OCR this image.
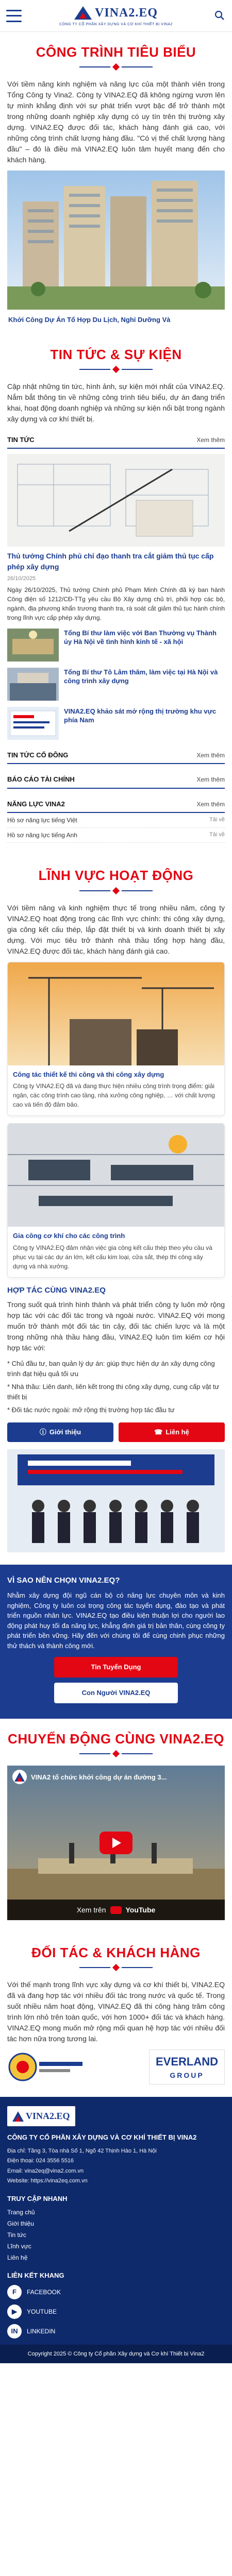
VINA2.EQ
CÔNG TY CỔ PHẦN XÂY DỰNG VÀ CƠ KHÍ THIẾT BỊ VINA2
CÔNG TRÌNH TIÊU BIỂU

Với tiềm năng kinh nghiệm và năng lực của một thành viên trong Tổng Công ty Vina2. Công ty VINA2.EQ đã không ngừng vươn lên tự mình khẳng định với sự phát triển vượt bậc để trở thành một trong những doanh nghiệp xây dựng có uy tín trên thị trường xây dựng. VINA2.EQ được đối tác, khách hàng đánh giá cao, với những công trình chất lượng hàng đầu. "Có vị thế chất lượng hàng đầu" – đó là điều mà VINA2.EQ luôn tâm huyết mang đến cho khách hàng.

Khởi Công Dự Án Tổ Hợp Du Lịch, Nghỉ Dưỡng Và
TIN TỨC & SỰ KIỆN

Cập nhật những tin tức, hình ảnh, sự kiện mới nhất của VINA2.EQ. Nắm bắt thông tin về những công trình tiêu biểu, dự án đang triển khai, hoạt động doanh nghiệp và những sự kiện nổi bật trong ngành xây dựng và cơ khí thiết bị.

TIN TỨC	Xem thêm
Thủ tướng Chính phủ chỉ đạo thanh tra cắt giảm thủ tục cấp phép xây dựng
26/10/2025

Ngày 26/10/2025, Thủ tướng Chính phủ Phạm Minh Chính đã ký ban hành Công điện số 1212/CĐ-TTg yêu cầu Bộ Xây dựng chủ trì, phối hợp các bộ, ngành, địa phương khẩn trương thanh tra, rà soát cắt giảm thủ tục hành chính trong lĩnh vực cấp phép xây dựng.

Tổng Bí thư làm việc với Ban Thường vụ Thành ủy Hà Nội về tình hình kinh tế - xã hội
Tổng Bí thư Tô Lâm thăm, làm việc tại Hà Nội và công trình xây dựng
VINA2.EQ khảo sát mở rộng thị trường khu vực phía Nam
TIN TỨC CỔ ĐÔNG	Xem thêm
BÁO CÁO TÀI CHÍNH	Xem thêm
NĂNG LỰC VINA2	Xem thêm
Hồ sơ năng lực tiếng Việt	Tải về
Hồ sơ năng lực tiếng Anh	Tải về
LĨNH VỰC HOẠT ĐỘNG

Với tiềm năng và kinh nghiệm thực tế trong nhiều năm, công ty VINA2.EQ hoạt động trong các lĩnh vực chính: thi công xây dựng, gia công kết cấu thép, lắp đặt thiết bị và kinh doanh thiết bị xây dựng. Với mục tiêu trở thành nhà thầu tổng hợp hàng đầu, VINA2.EQ được đối tác, khách hàng đánh giá cao.

Công tác thiết kế thi công và thi công xây dựng

Công ty VINA2.EQ đã và đang thực hiện nhiều công trình trọng điểm: giải ngân, các công trình cao tầng, nhà xưởng công nghiệp, … với chất lượng cao và tiến độ đảm bảo.

Gia công cơ khí cho các công trình

Công ty VINA2.EQ đảm nhận việc gia công kết cấu thép theo yêu cầu và phục vụ tại các dự án lớn, kết cấu kim loại, cửa sắt, thép thi công xây dựng và nhà xưởng.

HỢP TÁC CÙNG VINA2.EQ

Trong suốt quá trình hình thành và phát triển công ty luôn mở rộng hợp tác với các đối tác trong và ngoài nước. VINA2.EQ với mong muốn trở thành một đối tác tin cậy, đối tác chiến lược và là một trong những nhà thầu hàng đầu, VINA2.EQ luôn tìm kiếm cơ hội hợp tác với:

* Chủ đầu tư, ban quản lý dự án: giúp thực hiện dự án xây dựng công trình đạt hiệu quả tối ưu
* Nhà thầu: Liên danh, liên kết trong thi công xây dựng, cung cấp vật tư thiết bị
* Đối tác nước ngoài: mở rộng thị trường hợp tác đầu tư
ⓘ Giới thiệu	☎ Liên hệ
VÌ SAO NÊN CHỌN VINA2.EQ?

Nhằm xây dựng đội ngũ cán bộ có năng lực chuyên môn và kinh nghiệm, Công ty luôn coi trọng công tác tuyển dụng, đào tạo và phát triển nguồn nhân lực. VINA2.EQ tạo điều kiện thuận lợi cho người lao động phát huy tối đa năng lực, khẳng định giá trị bản thân, cùng công ty phát triển bền vững. Hãy đến với chúng tôi để cùng chinh phục những thử thách và thành công mới.

Tin Tuyển Dụng
Con Người VINA2.EQ
CHUYỂN ĐỘNG CÙNG VINA2.EQ
VINA2 tổ chức khởi công dự án đường 3...
Xem trên	YouTube
ĐỐI TÁC & KHÁCH HÀNG

Với thế mạnh trong lĩnh vực xây dựng và cơ khí thiết bị, VINA2.EQ đã và đang hợp tác với nhiều đối tác trong nước và quốc tế. Trong suốt nhiều năm hoạt động, VINA2.EQ đã thi công hàng trăm công trình lớn nhỏ trên toàn quốc, với hơn 1000+ đối tác và khách hàng. VINA2.EQ mong muốn mở rộng mối quan hệ hợp tác với nhiều đối tác hơn nữa trong tương lai.

EVERLAND
GROUP
VINA2.EQ
CÔNG TY CỔ PHẦN XÂY DỰNG VÀ CƠ KHÍ THIẾT BỊ VINA2
Địa chỉ: Tầng 3, Tòa nhà Số 1, Ngõ 42 Thịnh Hào 1, Hà Nội
Điện thoại: 024 3556 5516
Email: vina2eq@vina2.com.vn
Website: https://vina2eq.com.vn
TRUY CẬP NHANH
Trang chủ
Giới thiệu
Tin tức
Lĩnh vực
Liên hệ
LIÊN KẾT KHANG
F	FACEBOOK
▶	YOUTUBE
IN	LINKEDIN
Copyright 2025 © Công ty Cổ phần Xây dựng và Cơ khí Thiết bị Vina2
